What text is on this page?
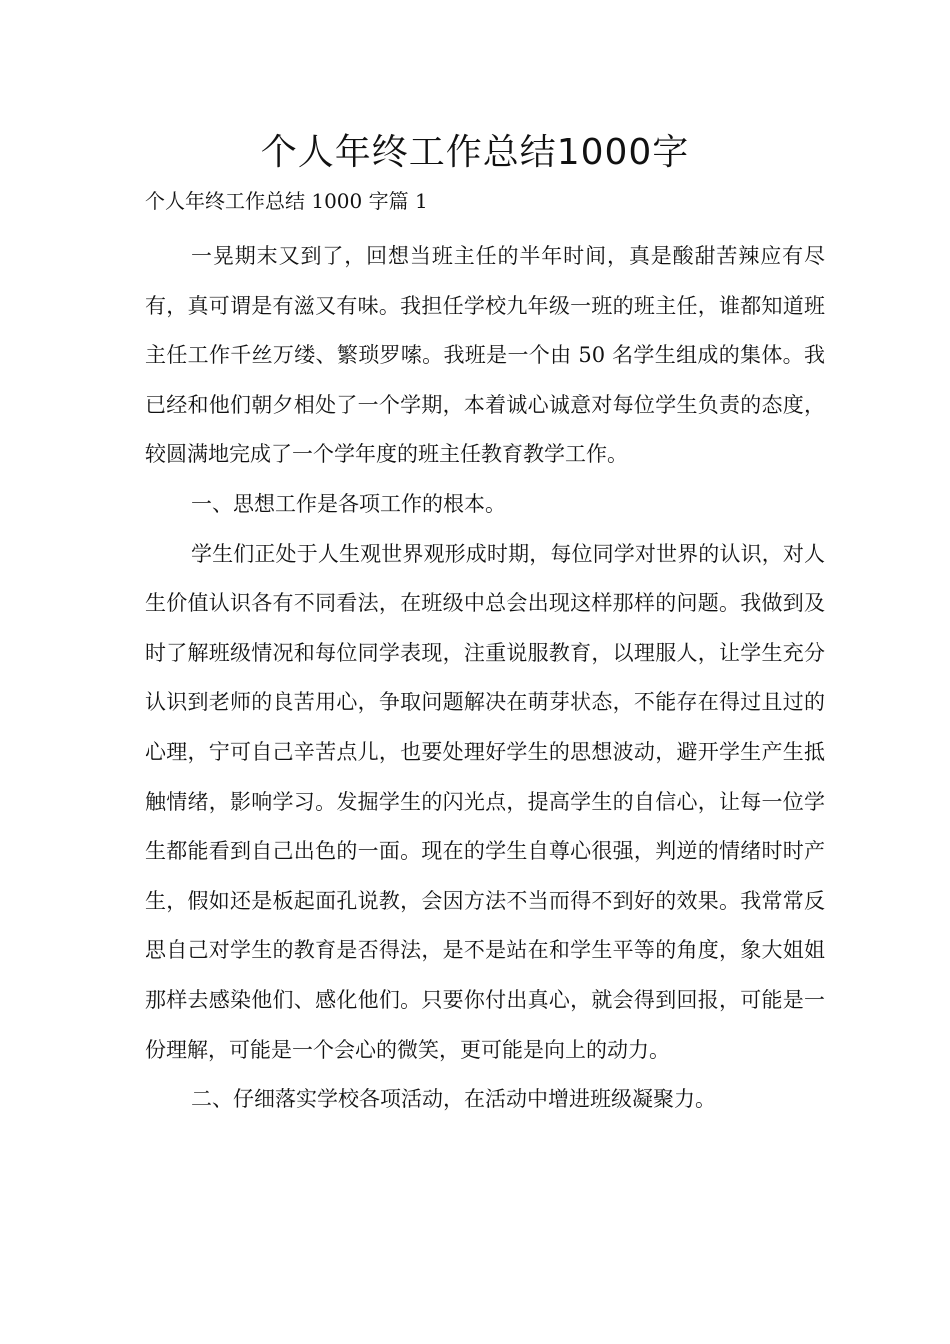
个人年终工作总结1000字

个人年终工作总结 1000 字篇 1

一晃期末又到了，回想当班主任的半年时间，真是酸甜苦辣应有尽有，真可谓是有滋又有味。我担任学校九年级一班的班主任，谁都知道班主任工作千丝万缕、繁琐罗嗦。我班是一个由 50 名学生组成的集体。我已经和他们朝夕相处了一个学期，本着诚心诚意对每位学生负责的态度，较圆满地完成了一个学年度的班主任教育教学工作。

一、思想工作是各项工作的根本。

学生们正处于人生观世界观形成时期，每位同学对世界的认识，对人生价值认识各有不同看法，在班级中总会出现这样那样的问题。我做到及时了解班级情况和每位同学表现，注重说服教育，以理服人，让学生充分认识到老师的良苦用心，争取问题解决在萌芽状态，不能存在得过且过的心理，宁可自己辛苦点儿，也要处理好学生的思想波动，避开学生产生抵触情绪，影响学习。发掘学生的闪光点，提高学生的自信心，让每一位学生都能看到自己出色的一面。现在的学生自尊心很强，判逆的情绪时时产生，假如还是板起面孔说教，会因方法不当而得不到好的效果。我常常反思自己对学生的教育是否得法，是不是站在和学生平等的角度，象大姐姐那样去感染他们、感化他们。只要你付出真心，就会得到回报，可能是一份理解，可能是一个会心的微笑，更可能是向上的动力。

二、仔细落实学校各项活动，在活动中增进班级凝聚力。
